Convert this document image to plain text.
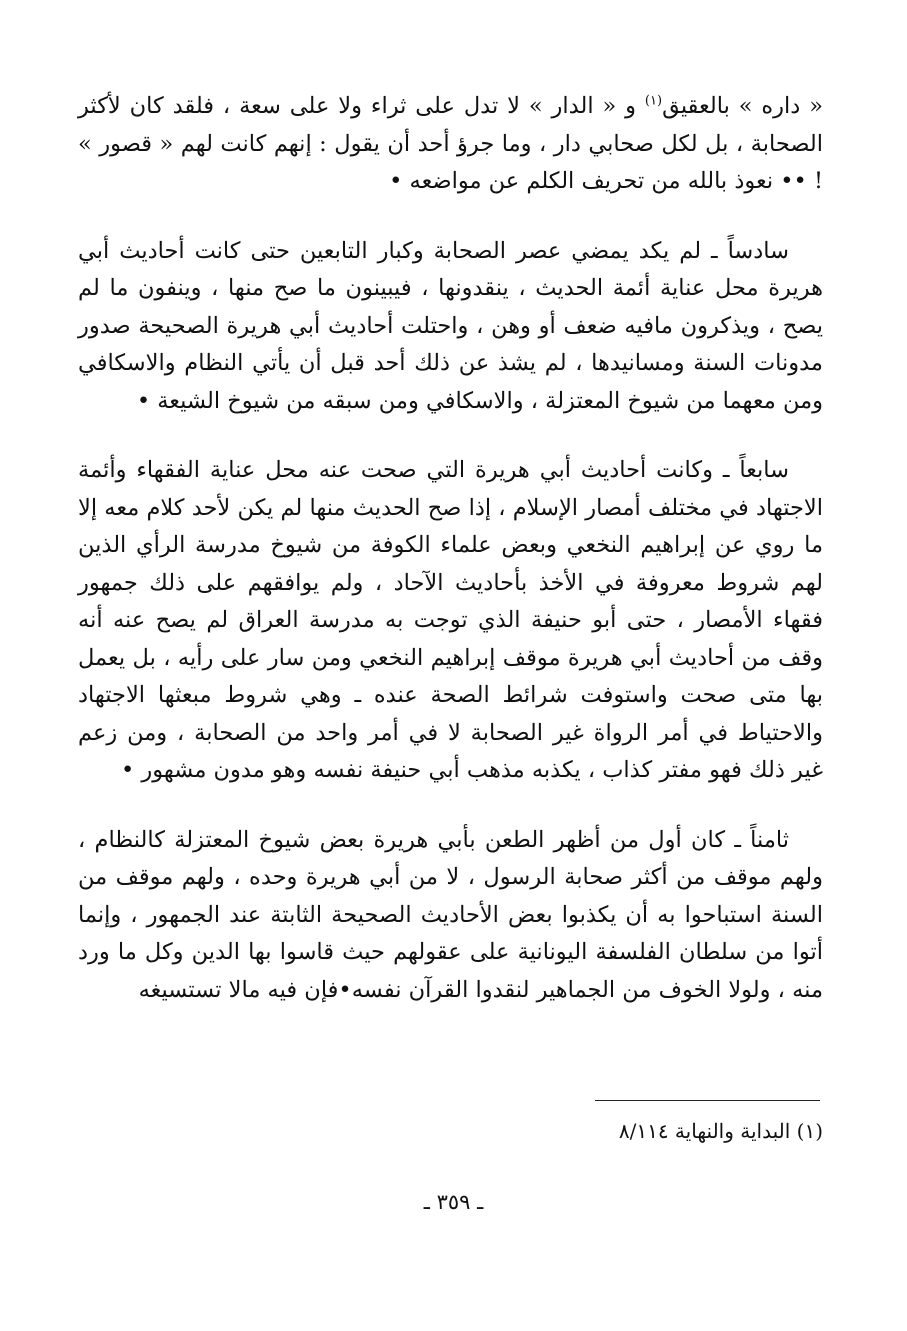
« داره » بالعقيق$^{(١)}$ و « الدار » لا تدل على ثراء ولا على سعة ، فلقد كان لأكثر الصحابة ، بل لكل صحابي دار ، وما جرؤ أحد أن يقول : إنهم كانت لهم « قصور » ! •• نعوذ بالله من تحريف الكلم عن مواضعه •

سادساً ـ لم يكد يمضي عصر الصحابة وكبار التابعين حتى كانت أحاديث أبي هريرة محل عناية أئمة الحديث ، ينقدونها ، فيبينون ما صح منها ، وينفون ما لم يصح ، ويذكرون مافيه ضعف أو وهن ، واحتلت أحاديث أبي هريرة الصحيحة صدور مدونات السنة ومسانيدها ، لم يشذ عن ذلك أحد قبل أن يأتي النظام والاسكافي ومن معهما من شيوخ المعتزلة ، والاسكافي ومن سبقه من شيوخ الشيعة •

سابعاً ـ وكانت أحاديث أبي هريرة التي صحت عنه محل عناية الفقهاء وأئمة الاجتهاد في مختلف أمصار الإسلام ، إذا صح الحديث منها لم يكن لأحد كلام معه إلا ما روي عن إبراهيم النخعي وبعض علماء الكوفة من شيوخ مدرسة الرأي الذين لهم شروط معروفة في الأخذ بأحاديث الآحاد ، ولم يوافقهم على ذلك جمهور فقهاء الأمصار ، حتى أبو حنيفة الذي توجت به مدرسة العراق لم يصح عنه أنه وقف من أحاديث أبي هريرة موقف إبراهيم النخعي ومن سار على رأيه ، بل يعمل بها متى صحت واستوفت شرائط الصحة عنده ـ وهي شروط مبعثها الاجتهاد والاحتياط في أمر الرواة غير الصحابة لا في أمر واحد من الصحابة ، ومن زعم غير ذلك فهو مفتر كذاب ، يكذبه مذهب أبي حنيفة نفسه وهو مدون مشهور •

ثامناً ـ كان أول من أظهر الطعن بأبي هريرة بعض شيوخ المعتزلة كالنظام ، ولهم موقف من أكثر صحابة الرسول ، لا من أبي هريرة وحده ، ولهم موقف من السنة استباحوا به أن يكذبوا بعض الأحاديث الصحيحة الثابتة عند الجمهور ، وإنما أتوا من سلطان الفلسفة اليونانية على عقولهم حيث قاسوا بها الدين وكل ما ورد منه ، ولولا الخوف من الجماهير لنقدوا القرآن نفسه•فإن فيه مالا تستسيغه

(١) البداية والنهاية ٨/١١٤
ـ ٣٥٩ ـ
